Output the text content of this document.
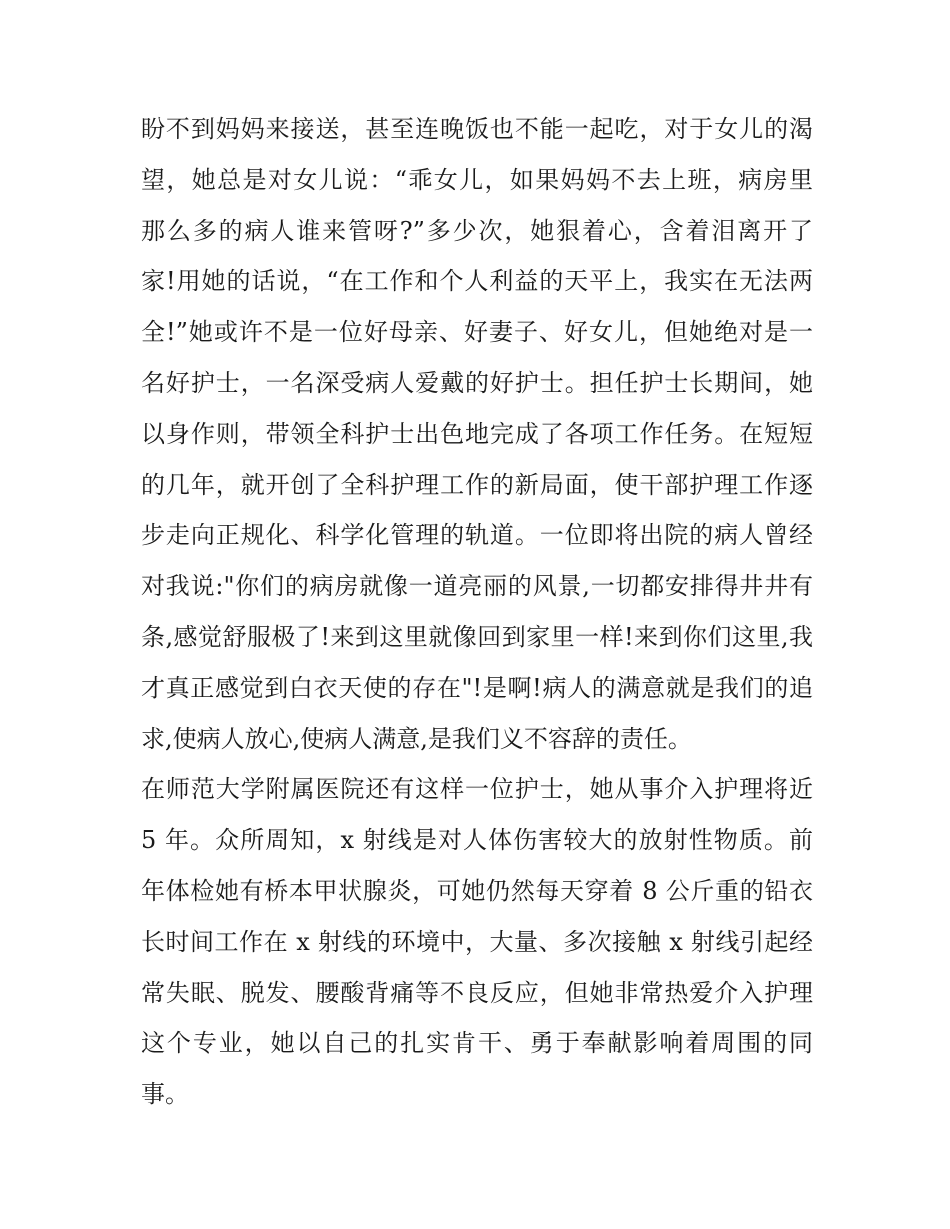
盼不到妈妈来接送，甚至连晚饭也不能一起吃，对于女儿的渴
望，她总是对女儿说：“乖女儿，如果妈妈不去上班，病房里
那么多的病人谁来管呀?”多少次，她狠着心，含着泪离开了
家!用她的话说，“在工作和个人利益的天平上，我实在无法两
全!”她或许不是一位好母亲、好妻子、好女儿，但她绝对是一
名好护士，一名深受病人爱戴的好护士。担任护士长期间，她
以身作则，带领全科护士出色地完成了各项工作任务。在短短
的几年，就开创了全科护理工作的新局面，使干部护理工作逐
步走向正规化、科学化管理的轨道。一位即将出院的病人曾经
对我说:"你们的病房就像一道亮丽的风景,一切都安排得井井有
条,感觉舒服极了!来到这里就像回到家里一样!来到你们这里,我
才真正感觉到白衣天使的存在"!是啊!病人的满意就是我们的追
求,使病人放心,使病人满意,是我们义不容辞的责任。
在师范大学附属医院还有这样一位护士，她从事介入护理将近
5 年。众所周知，x 射线是对人体伤害较大的放射性物质。前
年体检她有桥本甲状腺炎，可她仍然每天穿着 8 公斤重的铅衣
长时间工作在 x 射线的环境中，大量、多次接触 x 射线引起经
常失眠、脱发、腰酸背痛等不良反应，但她非常热爱介入护理
这个专业，她以自己的扎实肯干、勇于奉献影响着周围的同
事。
